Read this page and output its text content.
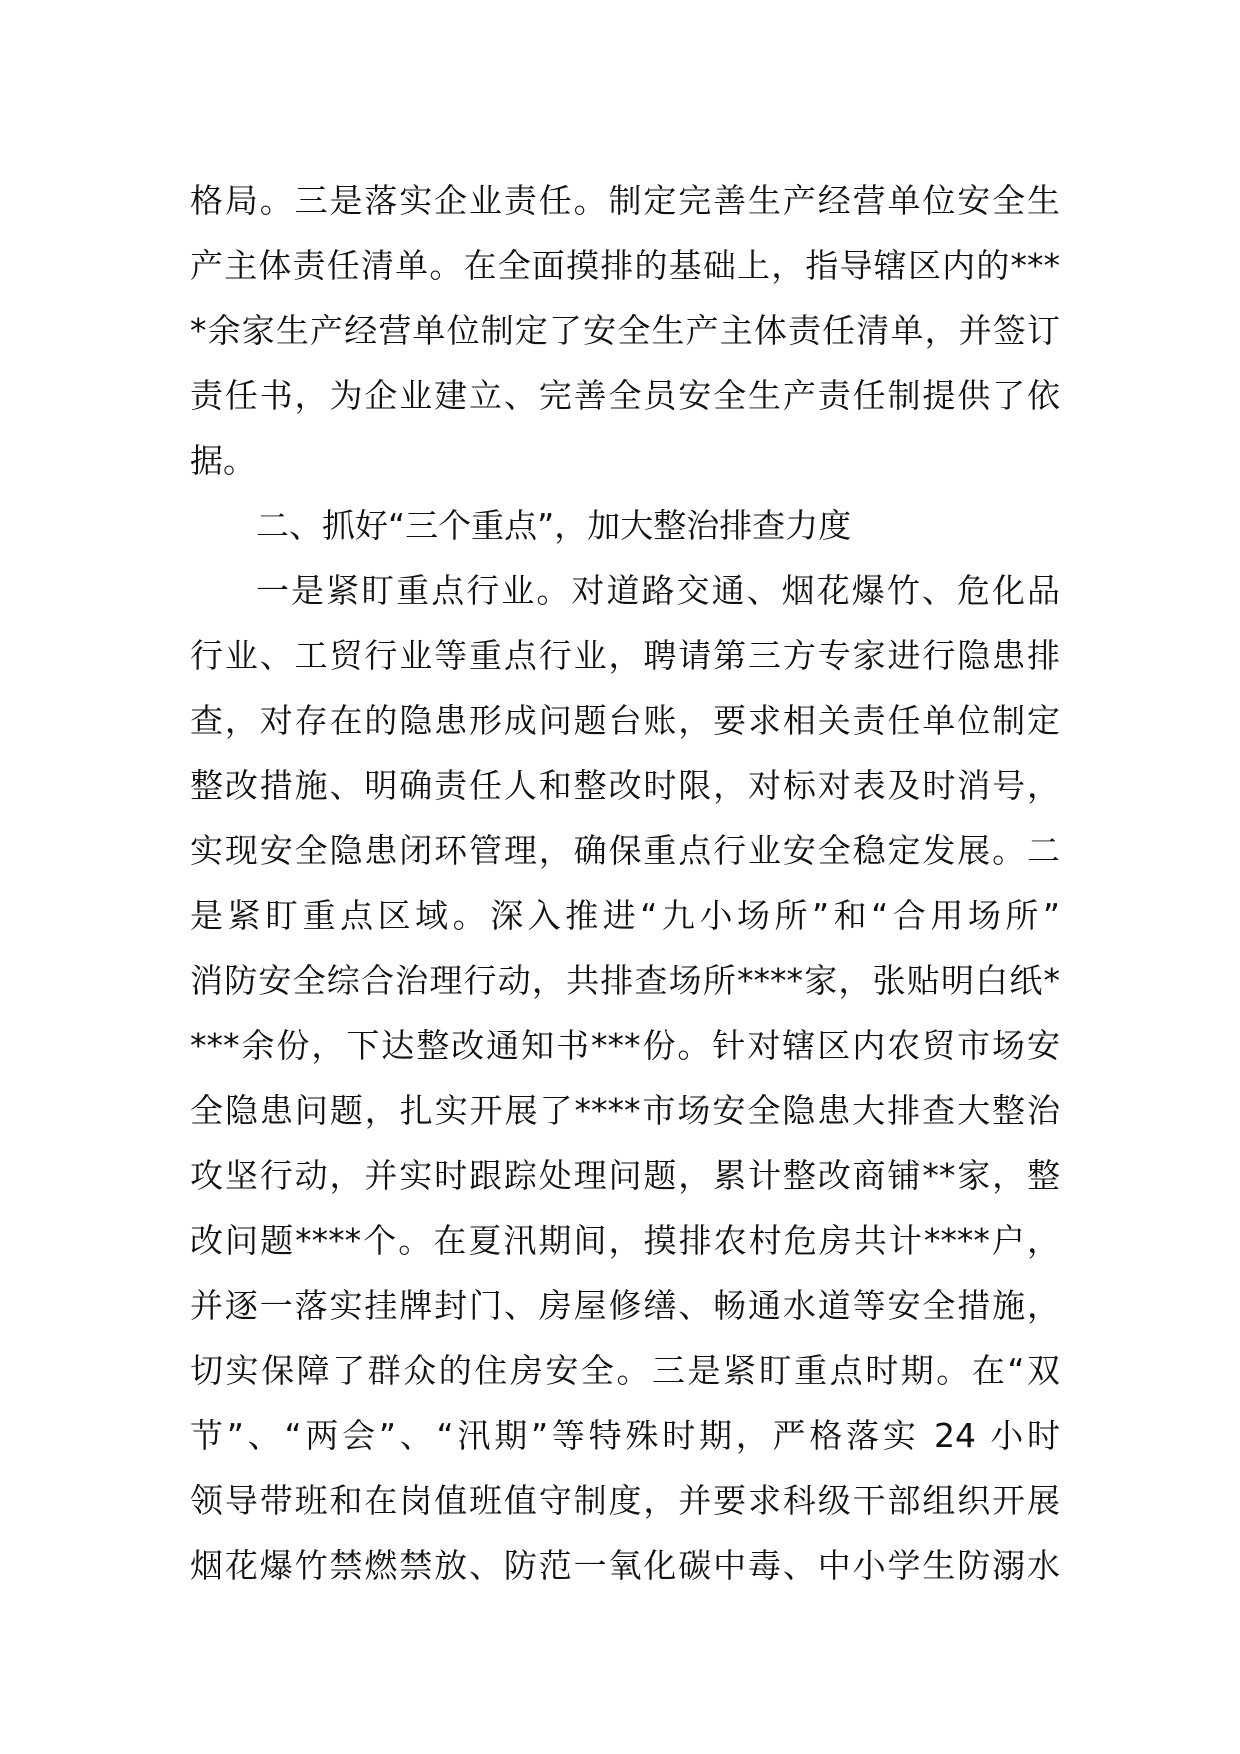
格局。三是落实企业责任。制定完善生产经营单位安全生
产主体责任清单。在全面摸排的基础上，指导辖区内的***
*余家生产经营单位制定了安全生产主体责任清单，并签订
责任书，为企业建立、完善全员安全生产责任制提供了依
据。
二、抓好“三个重点”，加大整治排查力度
一是紧盯重点行业。对道路交通、烟花爆竹、危化品
行业、工贸行业等重点行业，聘请第三方专家进行隐患排
查，对存在的隐患形成问题台账，要求相关责任单位制定
整改措施、明确责任人和整改时限，对标对表及时消号，
实现安全隐患闭环管理，确保重点行业安全稳定发展。二
是紧盯重点区域。深入推进“九小场所”和“合用场所”
消防安全综合治理行动，共排查场所****家，张贴明白纸*
***余份，下达整改通知书***份。针对辖区内农贸市场安
全隐患问题，扎实开展了****市场安全隐患大排查大整治
攻坚行动，并实时跟踪处理问题，累计整改商铺**家，整
改问题****个。在夏汛期间，摸排农村危房共计****户，
并逐一落实挂牌封门、房屋修缮、畅通水道等安全措施，
切实保障了群众的住房安全。三是紧盯重点时期。在“双
节”、“两会”、“汛期”等特殊时期，严格落实 24 小时
领导带班和在岗值班值守制度，并要求科级干部组织开展
烟花爆竹禁燃禁放、防范一氧化碳中毒、中小学生防溺水
